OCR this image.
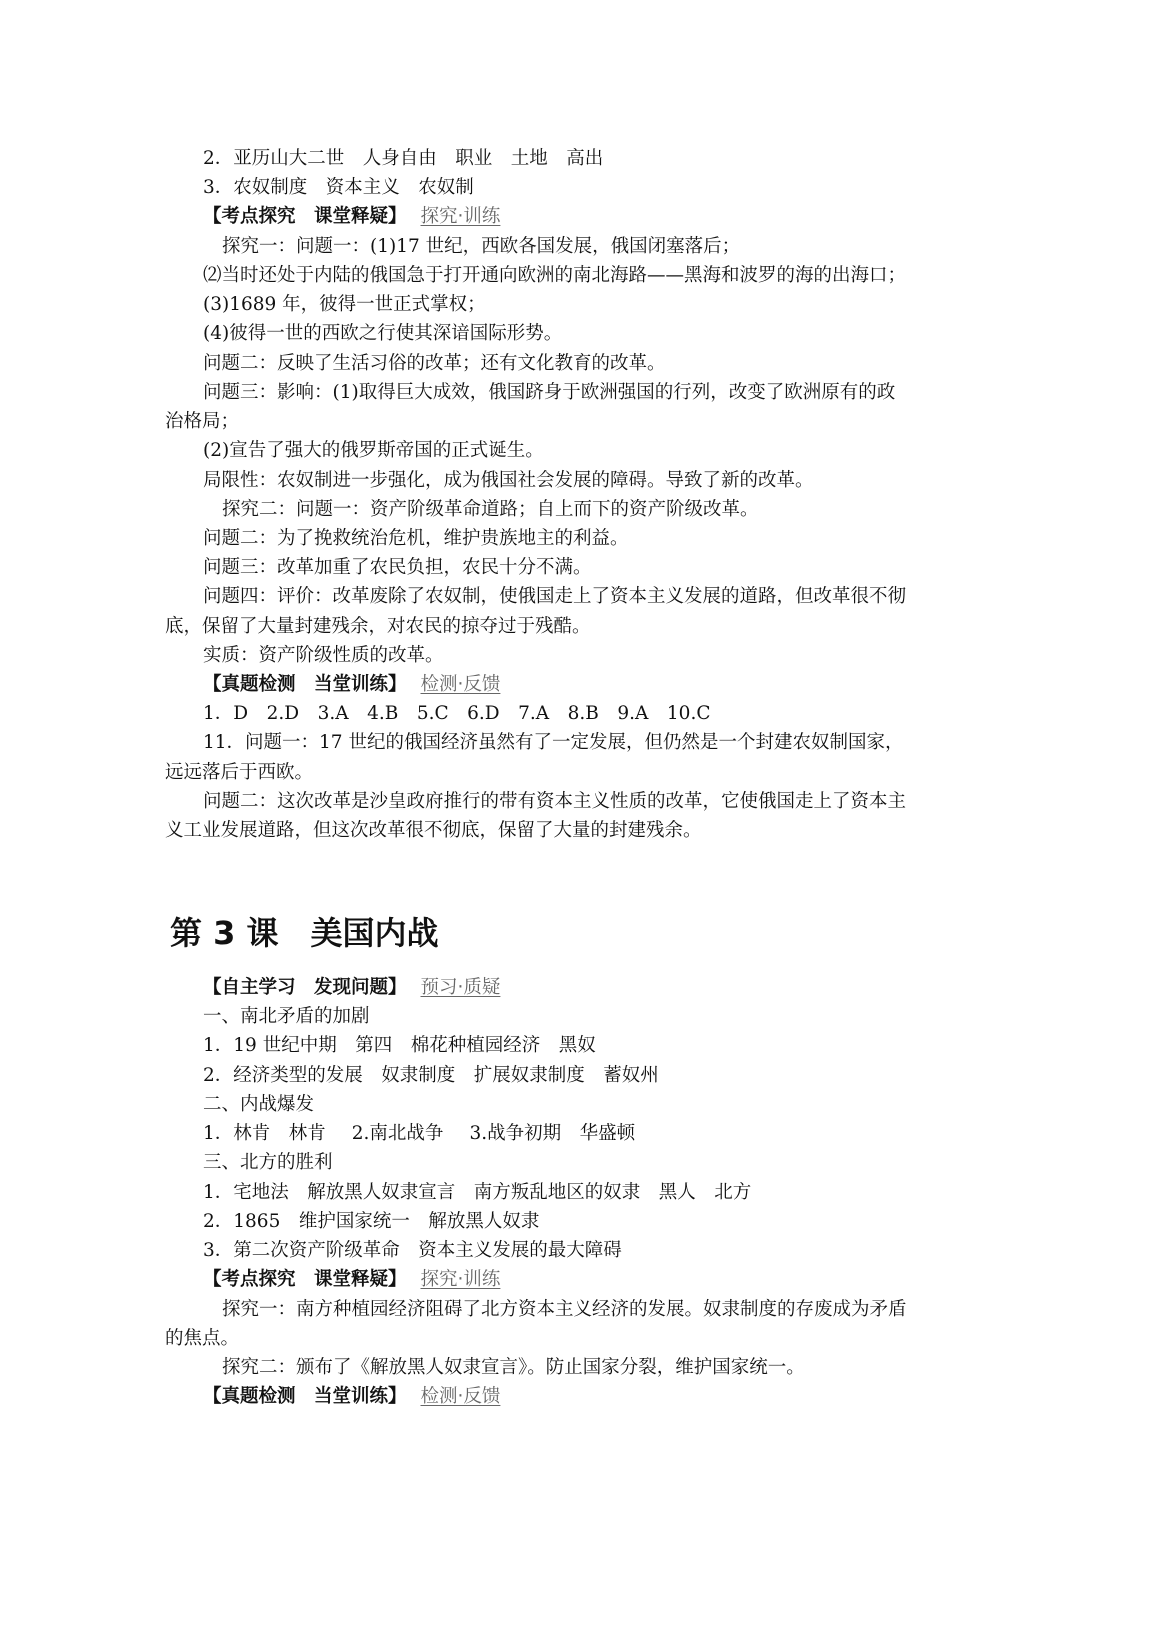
2．亚历山大二世　人身自由　职业　土地　高出
3．农奴制度　资本主义　农奴制
【考点探究　课堂释疑】 探究·训练
探究一：问题一：(1)17 世纪，西欧各国发展，俄国闭塞落后；
⑵当时还处于内陆的俄国急于打开通向欧洲的南北海路——黑海和波罗的海的出海口；
(3)1689 年，彼得一世正式掌权；
(4)彼得一世的西欧之行使其深谙国际形势。
问题二：反映了生活习俗的改革；还有文化教育的改革。
问题三：影响：(1)取得巨大成效，俄国跻身于欧洲强国的行列，改变了欧洲原有的政
治格局；
(2)宣告了强大的俄罗斯帝国的正式诞生。
局限性：农奴制进一步强化，成为俄国社会发展的障碍。导致了新的改革。
探究二：问题一：资产阶级革命道路；自上而下的资产阶级改革。
问题二：为了挽救统治危机，维护贵族地主的利益。
问题三：改革加重了农民负担，农民十分不满。
问题四：评价：改革废除了农奴制，使俄国走上了资本主义发展的道路，但改革很不彻
底，保留了大量封建残余，对农民的掠夺过于残酷。
实质：资产阶级性质的改革。
【真题检测　当堂训练】 检测·反馈
1．D　2.D　3.A　4.B　5.C　6.D　7.A　8.B　9.A　10.C
11．问题一：17 世纪的俄国经济虽然有了一定发展，但仍然是一个封建农奴制国家，
远远落后于西欧。
问题二：这次改革是沙皇政府推行的带有资本主义性质的改革，它使俄国走上了资本主
义工业发展道路，但这次改革很不彻底，保留了大量的封建残余。
第 3 课　美国内战
【自主学习　发现问题】 预习·质疑
一、南北矛盾的加剧
1．19 世纪中期　第四　棉花种植园经济　黑奴
2．经济类型的发展　奴隶制度　扩展奴隶制度　蓄奴州
二、内战爆发
1．林肯　林肯 2.南北战争 3.战争初期　华盛顿
三、北方的胜利
1．宅地法　解放黑人奴隶宣言　南方叛乱地区的奴隶　黑人　北方
2．1865　维护国家统一　解放黑人奴隶
3．第二次资产阶级革命　资本主义发展的最大障碍
【考点探究　课堂释疑】 探究·训练
探究一：南方种植园经济阻碍了北方资本主义经济的发展。奴隶制度的存废成为矛盾
的焦点。
探究二：颁布了《解放黑人奴隶宣言》。防止国家分裂，维护国家统一。
【真题检测　当堂训练】 检测·反馈
